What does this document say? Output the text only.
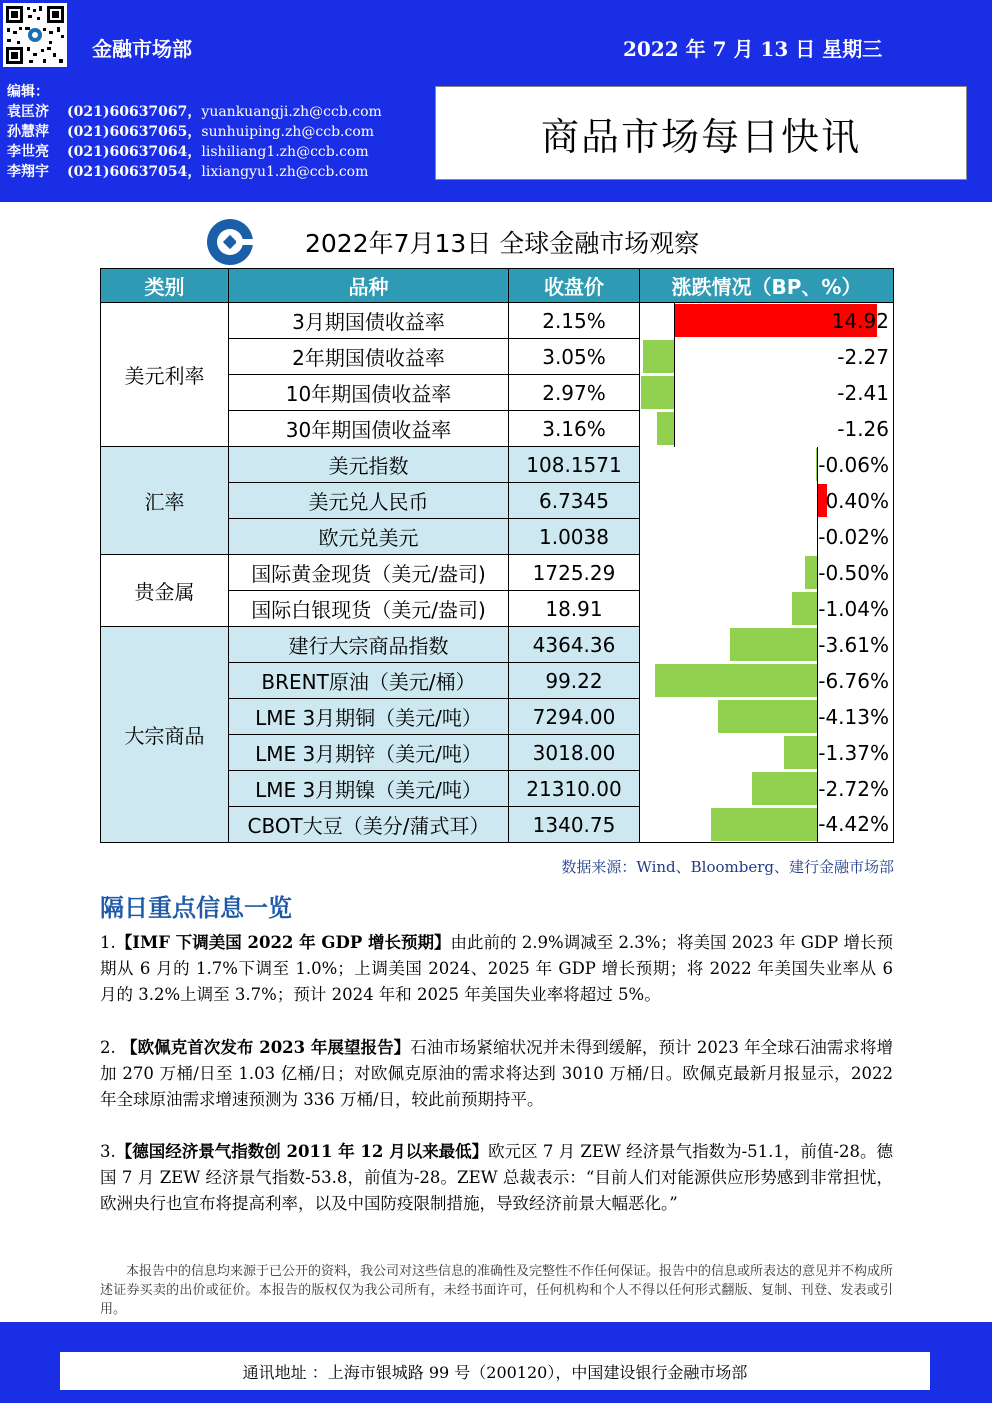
金融市场部	2022 年 7 月 13 日 星期三
编辑：
袁匡济 (021)60637067，yuankuangji.zh@ccb.com
孙慧萍 (021)60637065，sunhuiping.zh@ccb.com
李世亮 (021)60637064，lishiliang1.zh@ccb.com
李翔宇 (021)60637054，lixiangyu1.zh@ccb.com
商品市场每日快讯
2022年7月13日 全球金融市场观察
类别	品种	收盘价	涨跌情况（BP、%）
美元利率	3月期国债收益率	2.15%	14.92
	2年期国债收益率	3.05%	-2.27
	10年期国债收益率	2.97%	-2.41
	30年期国债收益率	3.16%	-1.26
汇率	美元指数	108.1571	-0.06%
	美元兑人民币	6.7345	0.40%
	欧元兑美元	1.0038	-0.02%
贵金属	国际黄金现货（美元/盎司)	1725.29	-0.50%
	国际白银现货（美元/盎司)	18.91	-1.04%
大宗商品	建行大宗商品指数	4364.36	-3.61%
	BRENT原油（美元/桶）	99.22	-6.76%
	LME 3月期铜（美元/吨）	7294.00	-4.13%
	LME 3月期锌（美元/吨）	3018.00	-1.37%
	LME 3月期镍（美元/吨）	21310.00	-2.72%
	CBOT大豆（美分/蒲式耳）	1340.75	-4.42%
数据来源：Wind、Bloomberg、建行金融市场部
隔日重点信息一览
1.【IMF 下调美国 2022 年 GDP 增长预期】由此前的 2.9%调减至 2.3%；将美国 2023 年 GDP 增长预期从 6 月的 1.7%下调至 1.0%；上调美国 2024、2025 年 GDP 增长预期；将 2022 年美国失业率从 6 月的 3.2%上调至 3.7%；预计 2024 年和 2025 年美国失业率将超过 5%。
2. 【欧佩克首次发布 2023 年展望报告】石油市场紧缩状况并未得到缓解，预计 2023 年全球石油需求将增加 270 万桶/日至 1.03 亿桶/日；对欧佩克原油的需求将达到 3010 万桶/日。欧佩克最新月报显示，2022 年全球原油需求增速预测为 336 万桶/日，较此前预期持平。
3.【德国经济景气指数创 2011 年 12 月以来最低】欧元区 7 月 ZEW 经济景气指数为-51.1，前值-28。德国 7 月 ZEW 经济景气指数-53.8，前值为-28。ZEW 总裁表示：“目前人们对能源供应形势感到非常担忧，欧洲央行也宣布将提高利率，以及中国防疫限制措施，导致经济前景大幅恶化。”
本报告中的信息均来源于已公开的资料，我公司对这些信息的准确性及完整性不作任何保证。报告中的信息或所表达的意见并不构成所述证券买卖的出价或征价。本报告的版权仅为我公司所有，未经书面许可，任何机构和个人不得以任何形式翻版、复制、刊登、发表或引用。
通讯地址 ：上海市银城路 99 号（200120），中国建设银行金融市场部
